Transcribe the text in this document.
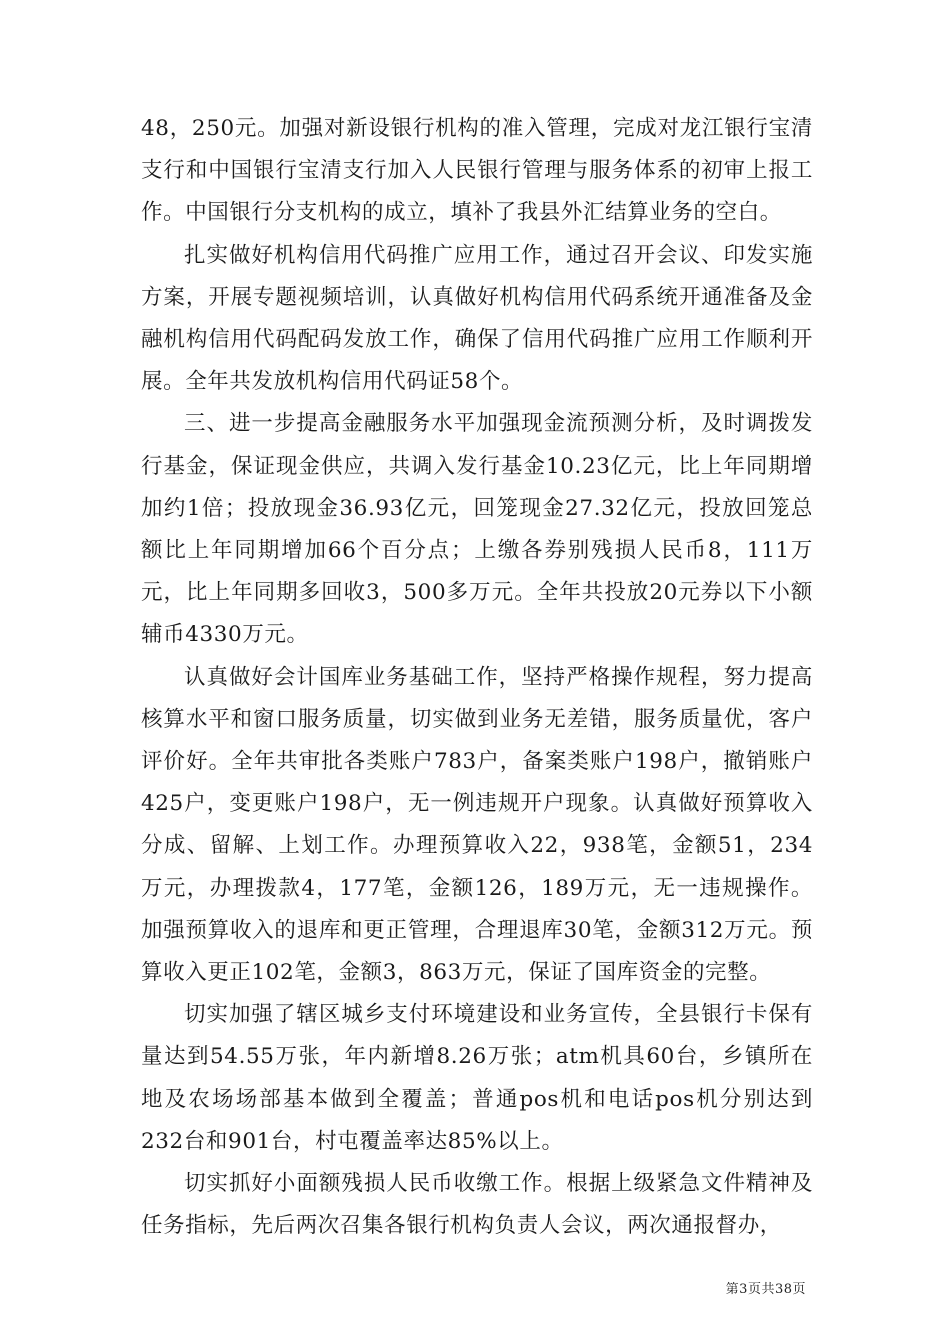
48，250元。加强对新设银行机构的准入管理，完成对龙江银行宝清支行和中国银行宝清支行加入人民银行管理与服务体系的初审上报工作。中国银行分支机构的成立，填补了我县外汇结算业务的空白。

扎实做好机构信用代码推广应用工作，通过召开会议、印发实施方案，开展专题视频培训，认真做好机构信用代码系统开通准备及金融机构信用代码配码发放工作，确保了信用代码推广应用工作顺利开展。全年共发放机构信用代码证58个。

三、进一步提高金融服务水平加强现金流预测分析，及时调拨发行基金，保证现金供应，共调入发行基金10.23亿元，比上年同期增加约1倍；投放现金36.93亿元，回笼现金27.32亿元，投放回笼总额比上年同期增加66个百分点；上缴各券别残损人民币8，111万元，比上年同期多回收3，500多万元。全年共投放20元券以下小额辅币4330万元。

认真做好会计国库业务基础工作，坚持严格操作规程，努力提高核算水平和窗口服务质量，切实做到业务无差错，服务质量优，客户评价好。全年共审批各类账户783户，备案类账户198户，撤销账户425户，变更账户198户，无一例违规开户现象。认真做好预算收入分成、留解、上划工作。办理预算收入22，938笔，金额51，234万元，办理拨款4，177笔，金额126，189万元，无一违规操作。加强预算收入的退库和更正管理，合理退库30笔，金额312万元。预算收入更正102笔，金额3，863万元，保证了国库资金的完整。

切实加强了辖区城乡支付环境建设和业务宣传，全县银行卡保有量达到54.55万张，年内新增8.26万张；atm机具60台，乡镇所在地及农场场部基本做到全覆盖；普通pos机和电话pos机分别达到232台和901台，村屯覆盖率达85%以上。

切实抓好小面额残损人民币收缴工作。根据上级紧急文件精神及任务指标，先后两次召集各银行机构负责人会议，两次通报督办，

第3页共38页
